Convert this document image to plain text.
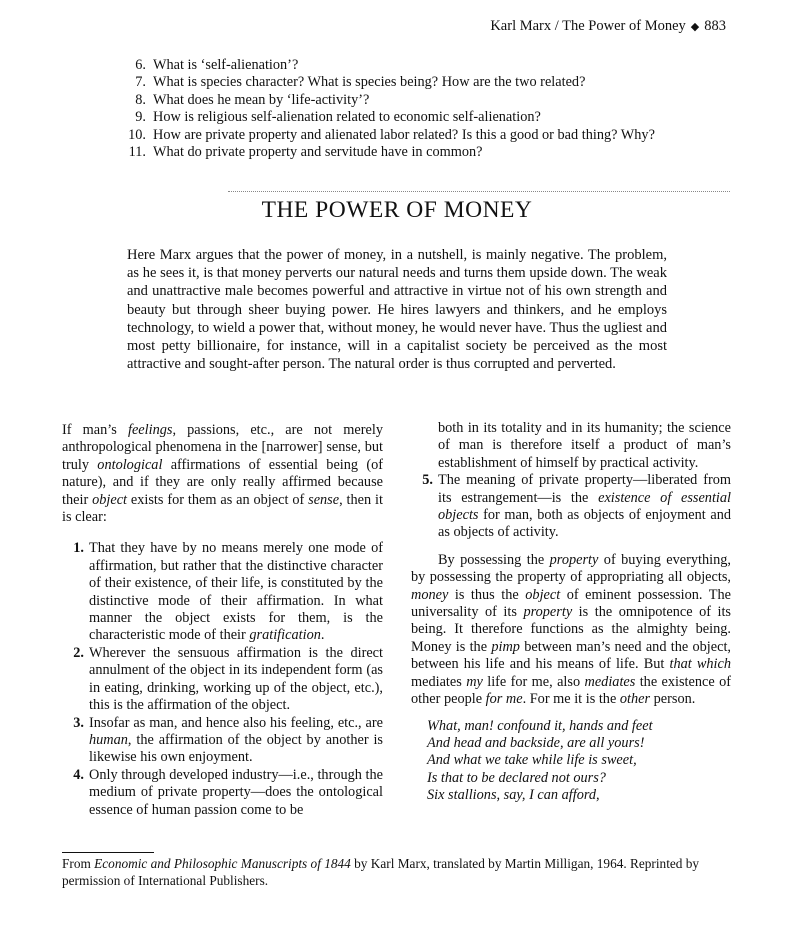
Karl Marx / The Power of Money ◆ 883
6. What is ‘self-alienation’?
7. What is species character? What is species being? How are the two related?
8. What does he mean by ‘life-activity’?
9. How is religious self-alienation related to economic self-alienation?
10. How are private property and alienated labor related? Is this a good or bad thing? Why?
11. What do private property and servitude have in common?
THE POWER OF MONEY
Here Marx argues that the power of money, in a nutshell, is mainly negative. The problem, as he sees it, is that money perverts our natural needs and turns them upside down. The weak and unattractive male becomes powerful and attractive in virtue not of his own strength and beauty but through sheer buying power. He hires lawyers and thinkers, and he employs technology, to wield a power that, without money, he would never have. Thus the ugliest and most petty billionaire, for instance, will in a capitalist society be perceived as the most attractive and sought-after person. The natural order is thus corrupted and perverted.

If man’s feelings, passions, etc., are not merely anthropological phenomena in the [narrower] sense, but truly ontological affirmations of essential being (of nature), and if they are only really affirmed because their object exists for them as an object of sense, then it is clear:

1. That they have by no means merely one mode of affirmation, but rather that the distinctive character of their existence, of their life, is constituted by the distinctive mode of their affirmation. In what manner the object exists for them, is the characteristic mode of their gratification.
2. Wherever the sensuous affirmation is the direct annulment of the object in its independent form (as in eating, drinking, working up of the object, etc.), this is the affirmation of the object.
3. Insofar as man, and hence also his feeling, etc., are human, the affirmation of the object by another is likewise his own enjoyment.
4. Only through developed industry—i.e., through the medium of private property—does the ontological essence of human passion come to be
both in its totality and in its humanity; the science of man is therefore itself a product of man’s establishment of himself by practical activity.
5. The meaning of private property—liberated from its estrangement—is the existence of essential objects for man, both as objects of enjoyment and as objects of activity.

By possessing the property of buying everything, by possessing the property of appropriating all objects, money is thus the object of eminent possession. The universality of its property is the omnipotence of its being. It therefore functions as the almighty being. Money is the pimp between man’s need and the object, between his life and his means of life. But that which mediates my life for me, also mediates the existence of other people for me. For me it is the other person.

What, man! confound it, hands and feet
And head and backside, are all yours!
And what we take while life is sweet,
Is that to be declared not ours?
Six stallions, say, I can afford,
From Economic and Philosophic Manuscripts of 1844 by Karl Marx, translated by Martin Milligan, 1964. Reprinted by permission of International Publishers.
